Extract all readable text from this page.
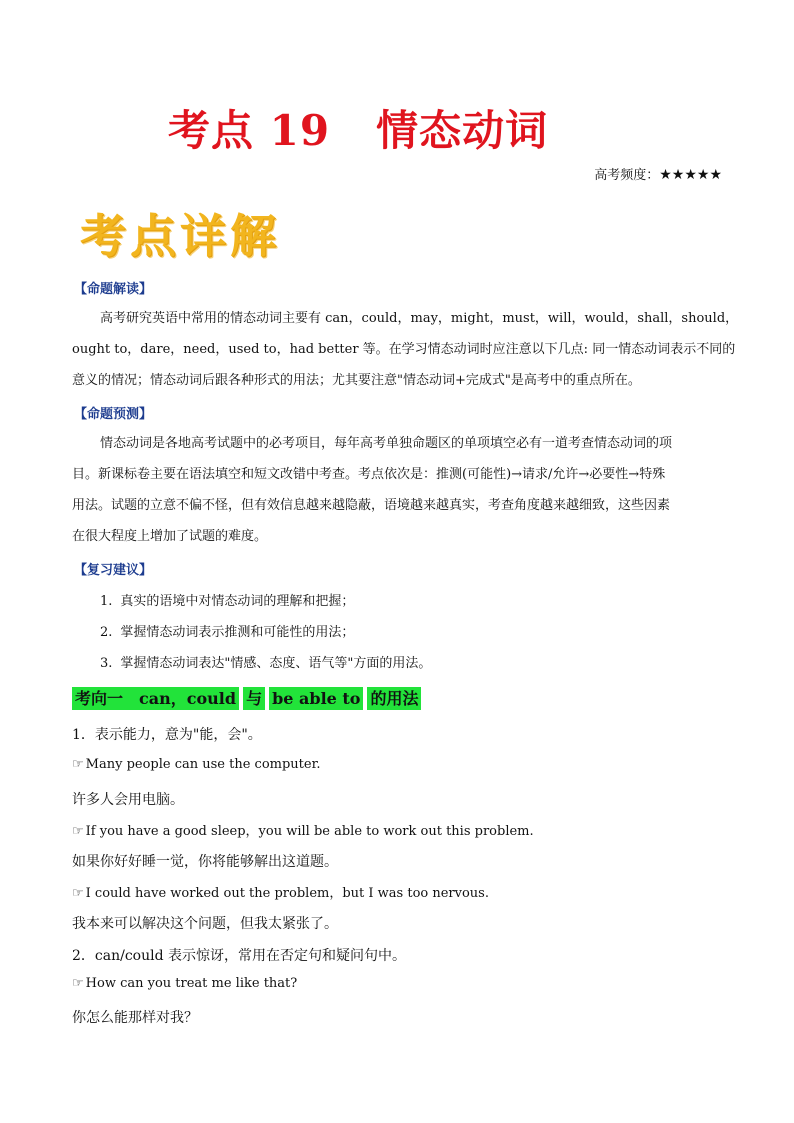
考点 19 情态动词
高考频度：★★★★★
考点详解
【命题解读】
高考研究英语中常用的情态动词主要有 can，could，may，might，must，will，would，shall，should，
ought to，dare，need，used to，had better 等。在学习情态动词时应注意以下几点: 同一情态动词表示不同的
意义的情况；情态动词后跟各种形式的用法；尤其要注意"情态动词+完成式"是高考中的重点所在。
【命题预测】
情态动词是各地高考试题中的必考项目，每年高考单独命题区的单项填空必有一道考查情态动词的项
目。新课标卷主要在语法填空和短文改错中考查。考点依次是：推测(可能性)→请求/允许→必要性→特殊
用法。试题的立意不偏不怪，但有效信息越来越隐蔽，语境越来越真实，考查角度越来越细致，这些因素
在很大程度上增加了试题的难度。
【复习建议】
1. 真实的语境中对情态动词的理解和把握；
2. 掌握情态动词表示推测和可能性的用法；
3. 掌握情态动词表达"情感、态度、语气等"方面的用法。
考向一　can，could 与 be able to 的用法
1．表示能力，意为"能，会"。
☞ Many people can use the computer.
许多人会用电脑。
☞ If you have a good sleep，you will be able to work out this problem.
如果你好好睡一觉，你将能够解出这道题。
☞ I could have worked out the problem，but I was too nervous.
我本来可以解决这个问题，但我太紧张了。
2．can/could 表示惊讶，常用在否定句和疑问句中。
☞ How can you treat me like that?
你怎么能那样对我？
